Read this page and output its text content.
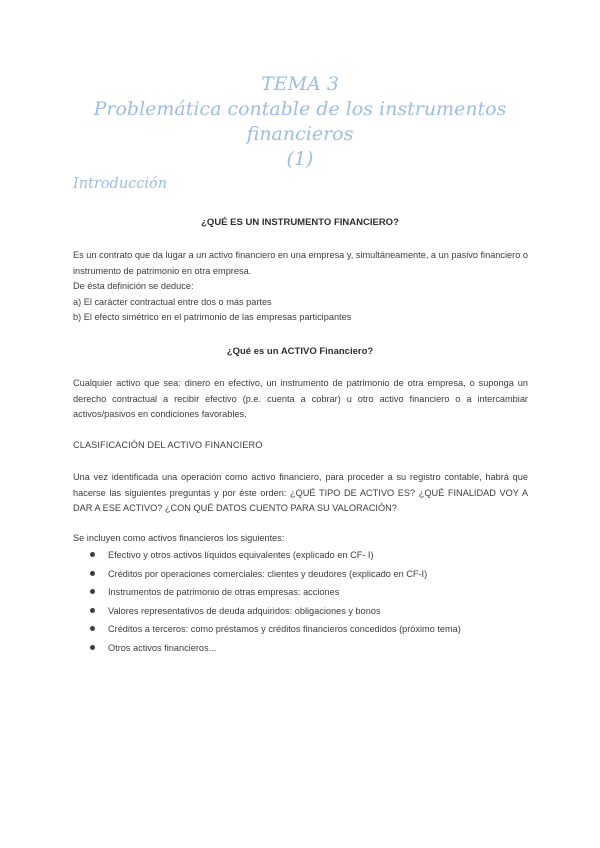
TEMA 3
Problemática contable de los instrumentos financieros
(1)
Introducción
¿QUÉ ES UN INSTRUMENTO FINANCIERO?

Es un contrato que da lugar a un activo financiero en una empresa y, simultáneamente, a un pasivo financiero o instrumento de patrimonio en otra empresa.

De ésta definición se deduce:

a) El carácter contractual entre dos o más partes

b) El efecto simétrico en el patrimonio de las empresas participantes

¿Qué es un ACTIVO Financiero?

Cualquier activo que sea: dinero en efectivo, un instrumento de patrimonio de otra empresa, o suponga un derecho contractual a recibir efectivo (p.e. cuenta a cobrar) u otro activo financiero o a intercambiar activos/pasivos en condiciones favorables.

CLASIFICACIÓN DEL ACTIVO FINANCIERO

Una vez identificada una operación como activo financiero, para proceder a su registro contable, habrá que hacerse las siguientes preguntas y por éste orden: ¿QUÉ TIPO DE ACTIVO ES? ¿QUÉ FINALIDAD VOY A DAR A ESE ACTIVO? ¿CON QUÉ DATOS CUENTO PARA SU VALORACIÓN?

Se incluyen como activos financieros los siguientes:

Efectivo y otros activos líquidos equivalentes (explicado en CF- I)
Créditos por operaciones comerciales: clientes y deudores (explicado en CF-I)
Instrumentos de patrimonio de otras empresas: acciones
Valores representativos de deuda adquiridos: obligaciones y bonos
Créditos a terceros: como préstamos y créditos financieros concedidos (próximo tema)
Otros activos financieros...
